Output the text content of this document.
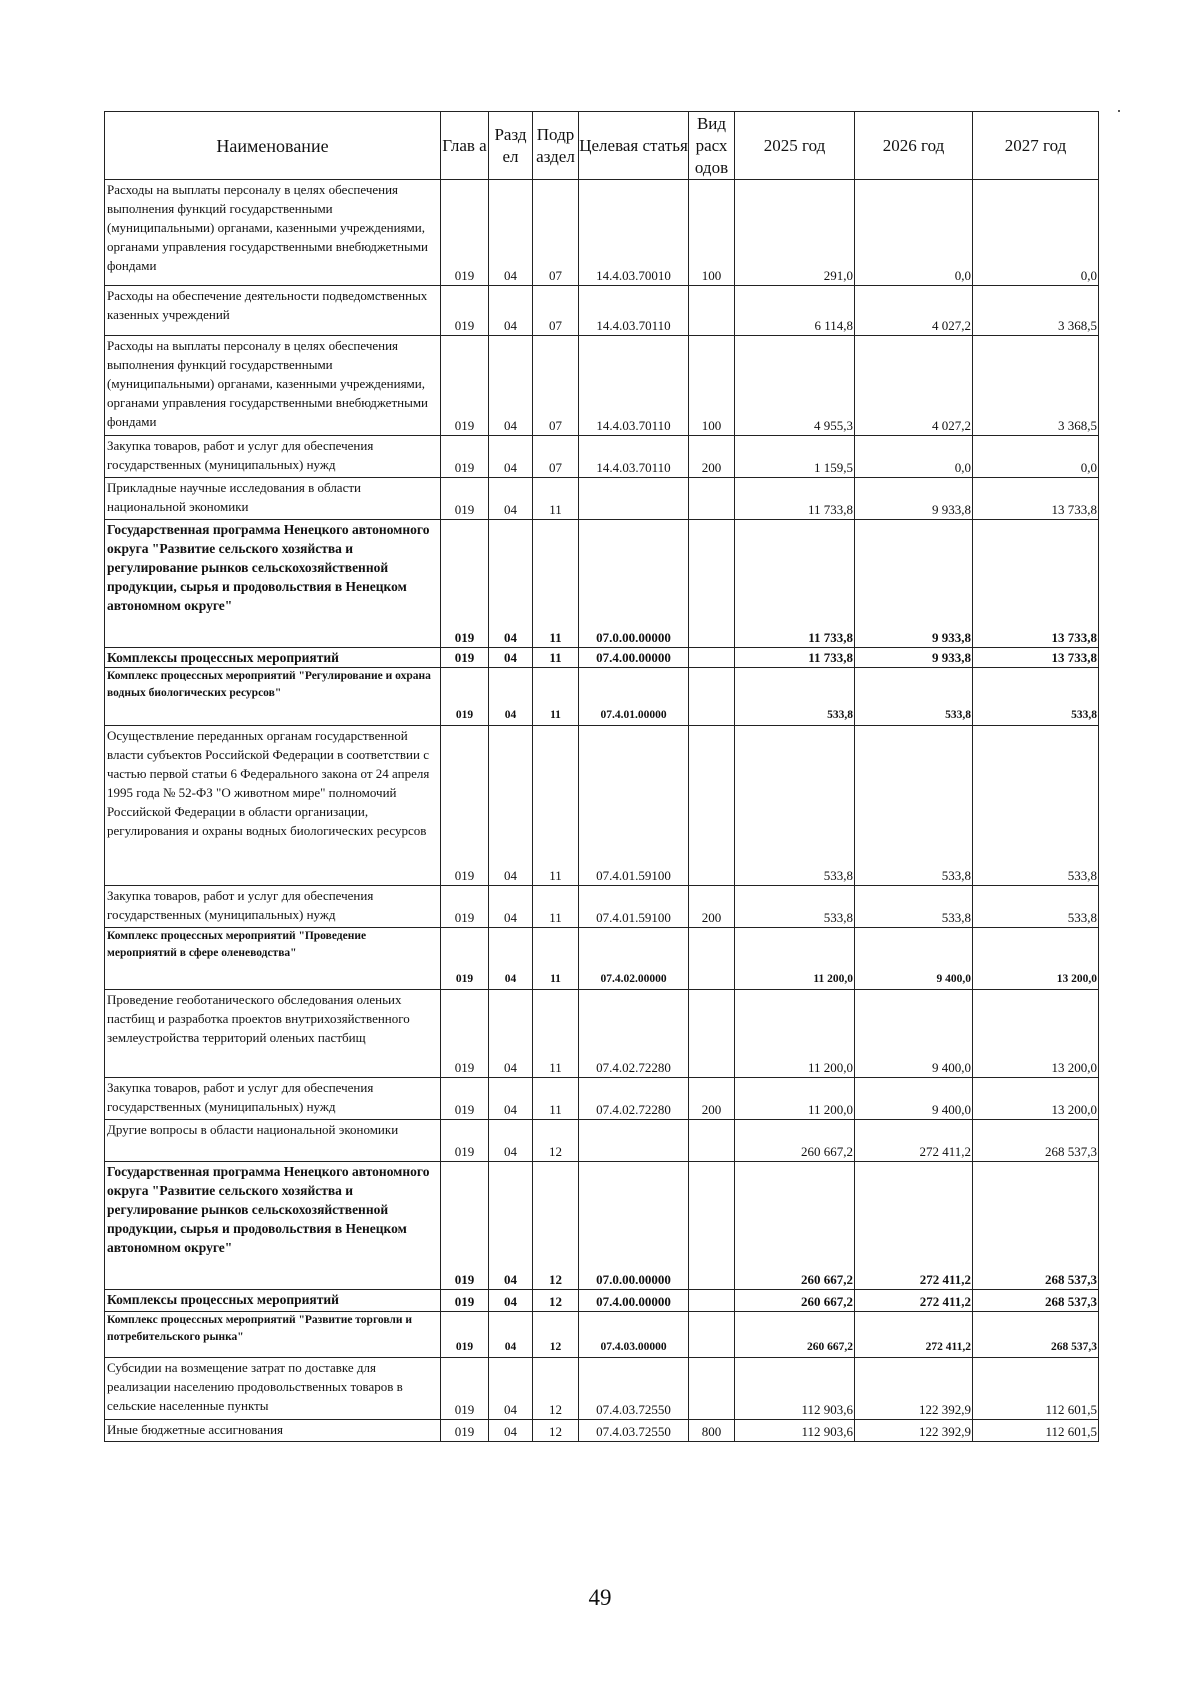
Наименование	Глав а	Разд ел	Подр аздел	Целевая статья	Вид расх одов	2025 год	2026 год	2027 год
Расходы на выплаты персоналу в целях обеспечения выполнения функций государственными (муниципальными) органами, казенными учреждениями, органами управления государственными внебюджетными фондами	019	04	07	14.4.03.70010	100	291,0	0,0	0,0
Расходы на обеспечение деятельности подведомственных казенных учреждений	019	04	07	14.4.03.70110		6 114,8	4 027,2	3 368,5
Расходы на выплаты персоналу в целях обеспечения выполнения функций государственными (муниципальными) органами, казенными учреждениями, органами управления государственными внебюджетными фондами	019	04	07	14.4.03.70110	100	4 955,3	4 027,2	3 368,5
Закупка товаров, работ и услуг для обеспечения государственных (муниципальных) нужд	019	04	07	14.4.03.70110	200	1 159,5	0,0	0,0
Прикладные научные исследования в области национальной экономики	019	04	11			11 733,8	9 933,8	13 733,8
Государственная программа Ненецкого автономного округа "Развитие сельского хозяйства и регулирование рынков сельскохозяйственной продукции, сырья и продовольствия в Ненецком автономном округе"	019	04	11	07.0.00.00000		11 733,8	9 933,8	13 733,8
Комплексы процессных мероприятий	019	04	11	07.4.00.00000		11 733,8	9 933,8	13 733,8
Комплекс процессных мероприятий "Регулирование и охрана водных биологических ресурсов"	019	04	11	07.4.01.00000		533,8	533,8	533,8
Осуществление переданных органам государственной власти субъектов Российской Федерации в соответствии с частью первой статьи 6 Федерального закона от 24 апреля 1995 года № 52-ФЗ "О животном мире" полномочий Российской Федерации в области организации, регулирования и охраны водных биологических ресурсов	019	04	11	07.4.01.59100		533,8	533,8	533,8
Закупка товаров, работ и услуг для обеспечения государственных (муниципальных) нужд	019	04	11	07.4.01.59100	200	533,8	533,8	533,8
Комплекс процессных мероприятий "Проведение мероприятий в сфере оленеводства"	019	04	11	07.4.02.00000		11 200,0	9 400,0	13 200,0
Проведение геоботанического обследования оленьих пастбищ и разработка проектов внутрихозяйственного землеустройства территорий оленьих пастбищ	019	04	11	07.4.02.72280		11 200,0	9 400,0	13 200,0
Закупка товаров, работ и услуг для обеспечения государственных (муниципальных) нужд	019	04	11	07.4.02.72280	200	11 200,0	9 400,0	13 200,0
Другие вопросы в области национальной экономики	019	04	12			260 667,2	272 411,2	268 537,3
Государственная программа Ненецкого автономного округа "Развитие сельского хозяйства и регулирование рынков сельскохозяйственной продукции, сырья и продовольствия в Ненецком автономном округе"	019	04	12	07.0.00.00000		260 667,2	272 411,2	268 537,3
Комплексы процессных мероприятий	019	04	12	07.4.00.00000		260 667,2	272 411,2	268 537,3
Комплекс процессных мероприятий "Развитие торговли и потребительского рынка"	019	04	12	07.4.03.00000		260 667,2	272 411,2	268 537,3
Субсидии на возмещение затрат по доставке для реализации населению продовольственных товаров в сельские населенные пункты	019	04	12	07.4.03.72550		112 903,6	122 392,9	112 601,5
Иные бюджетные ассигнования	019	04	12	07.4.03.72550	800	112 903,6	122 392,9	112 601,5
49
